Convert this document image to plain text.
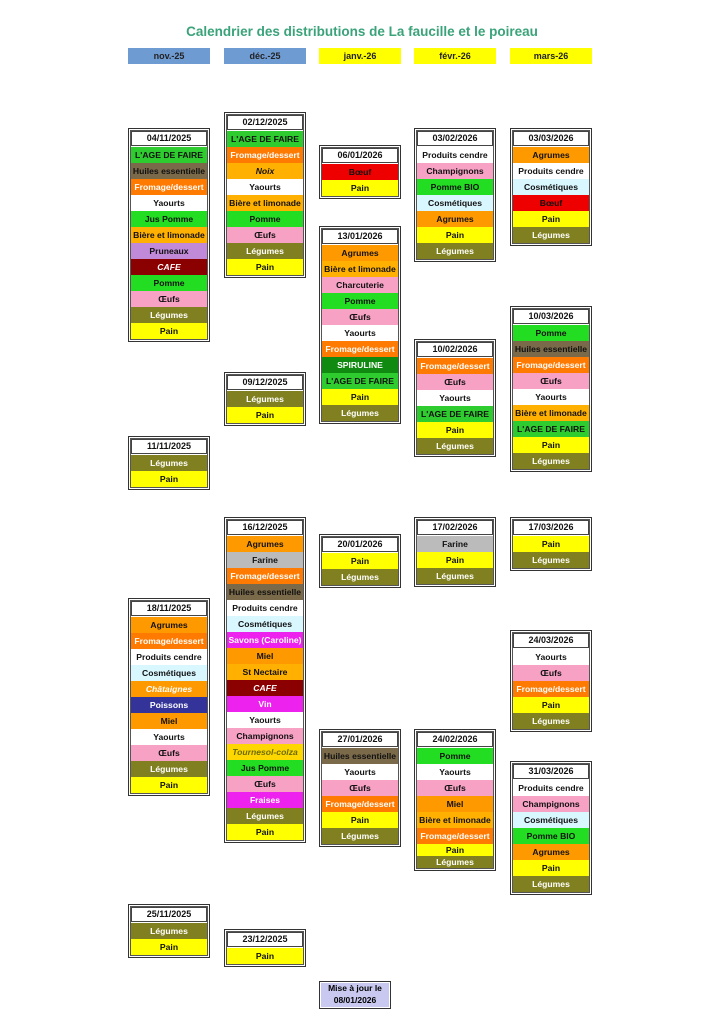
Calendrier des distributions de La faucille et le poireau
nov.-25	déc.-25	janv.-26	févr.-26	mars-26
04/11/2025
L'AGE DE FAIRE
Huiles essentielle
Fromage/dessert
Yaourts
Jus Pomme
Bière et limonade
Pruneaux
CAFE
Pomme
Œufs
Légumes
Pain
11/11/2025
Légumes
Pain
18/11/2025
Agrumes
Fromage/dessert
Produits cendre
Cosmétiques
Châtaignes
Poissons
Miel
Yaourts
Œufs
Légumes
Pain
25/11/2025
Légumes
Pain
02/12/2025
L'AGE DE FAIRE
Fromage/dessert
Noix
Yaourts
Bière et limonade
Pomme
Œufs
Légumes
Pain
09/12/2025
Légumes
Pain
16/12/2025
Agrumes
Farine
Fromage/dessert
Huiles essentielle
Produits cendre
Cosmétiques
Savons (Caroline)
Miel
St Nectaire
CAFE
Vin
Yaourts
Champignons
Tournesol-colza
Jus Pomme
Œufs
Fraises
Légumes
Pain
23/12/2025
Pain
06/01/2026
Bœuf
Pain
13/01/2026
Agrumes
Bière et limonade
Charcuterie
Pomme
Œufs
Yaourts
Fromage/dessert
SPIRULINE
L'AGE DE FAIRE
Pain
Légumes
20/01/2026
Pain
Légumes
27/01/2026
Huiles essentielle
Yaourts
Œufs
Fromage/dessert
Pain
Légumes
03/02/2026
Produits cendre
Champignons
Pomme BIO
Cosmétiques
Agrumes
Pain
Légumes
10/02/2026
Fromage/dessert
Œufs
Yaourts
L'AGE DE FAIRE
Pain
Légumes
17/02/2026
Farine
Pain
Légumes
24/02/2026
Pomme
Yaourts
Œufs
Miel
Bière et limonade
Fromage/dessert
Pain
Légumes
03/03/2026
Agrumes
Produits cendre
Cosmétiques
Bœuf
Pain
Légumes
10/03/2026
Pomme
Huiles essentielle
Fromage/dessert
Œufs
Yaourts
Bière et limonade
L'AGE DE FAIRE
Pain
Légumes
17/03/2026
Pain
Légumes
24/03/2026
Yaourts
Œufs
Fromage/dessert
Pain
Légumes
31/03/2026
Produits cendre
Champignons
Cosmétiques
Pomme BIO
Agrumes
Pain
Légumes
Mise à jour le
08/01/2026
